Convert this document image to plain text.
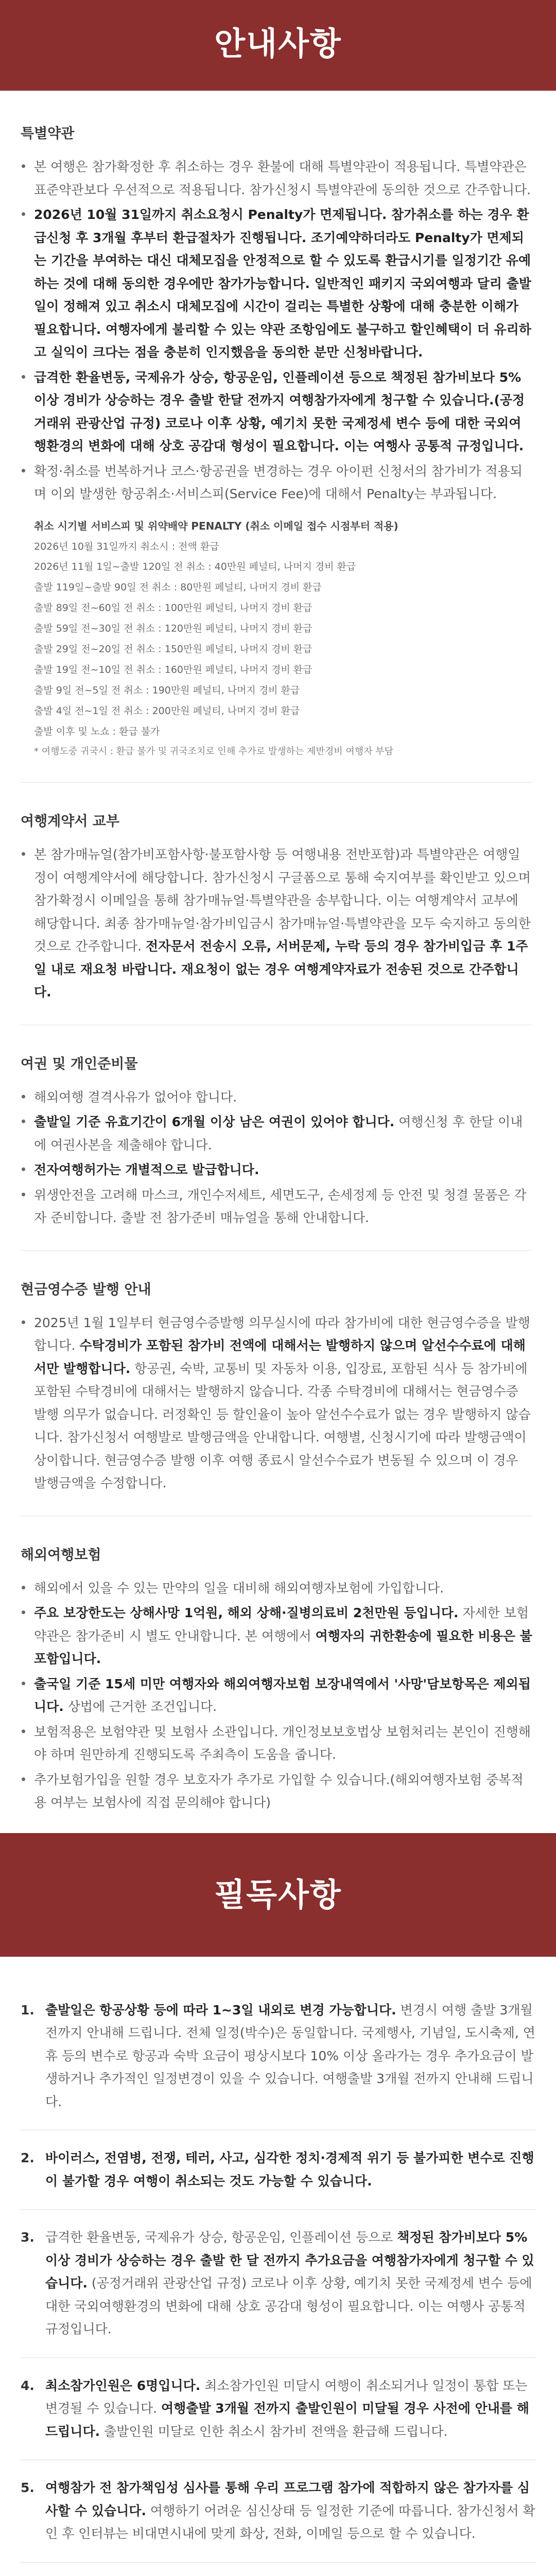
안내사항
특별약관
본 여행은 참가확정한 후 취소하는 경우 환불에 대해 특별약관이 적용됩니다. 특별약관은 표준약관보다 우선적으로 적용됩니다. 참가신청시 특별약관에 동의한 것으로 간주합니다.
2026년 10월 31일까지 취소요청시 Penalty가 면제됩니다. 참가취소를 하는 경우 환급신청 후 3개월 후부터 환급절차가 진행됩니다. 조기예약하더라도 Penalty가 면제되는 기간을 부여하는 대신 대체모집을 안정적으로 할 수 있도록 환급시기를 일정기간 유예하는 것에 대해 동의한 경우에만 참가가능합니다. 일반적인 패키지 국외여행과 달리 출발일이 정해져 있고 취소시 대체모집에 시간이 걸리는 특별한 상황에 대해 충분한 이해가 필요합니다. 여행자에게 불리할 수 있는 약관 조항임에도 불구하고 할인혜택이 더 유리하고 실익이 크다는 점을 충분히 인지했음을 동의한 분만 신청바랍니다.
급격한 환율변동, 국제유가 상승, 항공운임, 인플레이션 등으로 책정된 참가비보다 5% 이상 경비가 상승하는 경우 출발 한달 전까지 여행참가자에게 청구할 수 있습니다.(공정거래위 관광산업 규정) 코로나 이후 상황, 예기치 못한 국제정세 변수 등에 대한 국외여행환경의 변화에 대해 상호 공감대 형성이 필요합니다. 이는 여행사 공통적 규정입니다.
확정·취소를 번복하거나 코스·항공권을 변경하는 경우 아이펀 신청서의 참가비가 적용되며 이외 발생한 항공취소·서비스피(Service Fee)에 대해서 Penalty는 부과됩니다.
취소 시기별 서비스피 및 위약배약 PENALTY (취소 이메일 접수 시점부터 적용)
2026년 10월 31일까지 취소시 : 전액 환급
2026년 11월 1일~출발 120일 전 취소 : 40만원 페널티, 나머지 경비 환급
출발 119일~출발 90일 전 취소 : 80만원 페널티, 나머지 경비 환급
출발 89일 전~60일 전 취소 : 100만원 페널티, 나머지 경비 환급
출발 59일 전~30일 전 취소 : 120만원 페널티, 나머지 경비 환급
출발 29일 전~20일 전 취소 : 150만원 페널티, 나머지 경비 환급
출발 19일 전~10일 전 취소 : 160만원 페널티, 나머지 경비 환급
출발 9일 전~5일 전 취소 : 190만원 페널티, 나머지 경비 환급
출발 4일 전~1일 전 취소 : 200만원 페널티, 나머지 경비 환급
출발 이후 및 노쇼 : 환급 불가
* 여행도중 귀국시 : 환급 불가 및 귀국조치로 인해 추가로 발생하는 제반경비 여행자 부담
여행계약서 교부
본 참가매뉴얼(참가비포함사항·불포함사항 등 여행내용 전반포함)과 특별약관은 여행일정이 여행계약서에 해당합니다. 참가신청시 구글폼으로 통해 숙지여부를 확인받고 있으며 참가확정시 이메일을 통해 참가매뉴얼·특별약관을 송부합니다. 이는 여행계약서 교부에 해당합니다. 최종 참가매뉴얼·참가비입금시 참가매뉴얼·특별약관을 모두 숙지하고 동의한 것으로 간주합니다. 전자문서 전송시 오류, 서버문제, 누락 등의 경우 참가비입금 후 1주일 내로 재요청 바랍니다. 재요청이 없는 경우 여행계약자료가 전송된 것으로 간주합니다.
여권 및 개인준비물
해외여행 결격사유가 없어야 합니다.
출발일 기준 유효기간이 6개월 이상 남은 여권이 있어야 합니다. 여행신청 후 한달 이내에 여권사본을 제출해야 합니다.
전자여행허가는 개별적으로 발급합니다.
위생안전을 고려해 마스크, 개인수저세트, 세면도구, 손세정제 등 안전 및 청결 물품은 각자 준비합니다. 출발 전 참가준비 매뉴얼을 통해 안내합니다.
현금영수증 발행 안내
2025년 1월 1일부터 현금영수증발행 의무실시에 따라 참가비에 대한 현금영수증을 발행합니다. 수탁경비가 포함된 참가비 전액에 대해서는 발행하지 않으며 알선수수료에 대해서만 발행합니다. 항공권, 숙박, 교통비 및 자동차 이용, 입장료, 포함된 식사 등 참가비에 포함된 수탁경비에 대해서는 발행하지 않습니다. 각종 수탁경비에 대해서는 현금영수증 발행 의무가 없습니다. 러정확인 등 할인율이 높아 알선수수료가 없는 경우 발행하지 않습니다. 참가신청서 여행발로 발행금액을 안내합니다. 여행별, 신청시기에 따라 발행금액이 상이합니다. 현금영수증 발행 이후 여행 종료시 알선수수료가 변동될 수 있으며 이 경우 발행금액을 수정합니다.
해외여행보험
해외에서 있을 수 있는 만약의 일을 대비해 해외여행자보험에 가입합니다.
주요 보장한도는 상해사망 1억원, 해외 상해·질병의료비 2천만원 등입니다. 자세한 보험약관은 참가준비 시 별도 안내합니다. 본 여행에서 여행자의 귀한환송에 필요한 비용은 불포함입니다.
출국일 기준 15세 미만 여행자와 해외여행자보험 보장내역에서 '사망'담보항목은 제외됩니다. 상법에 근거한 조건입니다.
보험적용은 보험약관 및 보험사 소관입니다. 개인정보보호법상 보험처리는 본인이 진행해야 하며 원만하게 진행되도록 주최측이 도움을 줍니다.
추가보험가입을 원할 경우 보호자가 추가로 가입할 수 있습니다.(해외여행자보험 중복적용 여부는 보험사에 직접 문의해야 합니다)
필독사항
1. 출발일은 항공상황 등에 따라 1~3일 내외로 변경 가능합니다. 변경시 여행 출발 3개월 전까지 안내해 드립니다. 전체 일정(박수)은 동일합니다. 국제행사, 기념일, 도시축제, 연휴 등의 변수로 항공과 숙박 요금이 평상시보다 10% 이상 올라가는 경우 추가요금이 발생하거나 추가적인 일정변경이 있을 수 있습니다. 여행출발 3개월 전까지 안내해 드립니다.
2. 바이러스, 전염병, 전쟁, 테러, 사고, 심각한 정치·경제적 위기 등 불가피한 변수로 진행이 불가할 경우 여행이 취소되는 것도 가능할 수 있습니다.
3. 급격한 환율변동, 국제유가 상승, 항공운임, 인플레이션 등으로 책정된 참가비보다 5% 이상 경비가 상승하는 경우 출발 한 달 전까지 추가요금을 여행참가자에게 청구할 수 있습니다. (공정거래위 관광산업 규정) 코로나 이후 상황, 예기치 못한 국제정세 변수 등에 대한 국외여행환경의 변화에 대해 상호 공감대 형성이 필요합니다. 이는 여행사 공통적 규정입니다.
4. 최소참가인원은 6명입니다. 최소참가인원 미달시 여행이 취소되거나 일정이 통합 또는 변경될 수 있습니다. 여행출발 3개월 전까지 출발인원이 미달될 경우 사전에 안내를 해드립니다. 출발인원 미달로 인한 취소시 참가비 전액을 환급해 드립니다.
5. 여행참가 전 참가책임성 심사를 통해 우리 프로그램 참가에 적합하지 않은 참가자를 심사할 수 있습니다. 여행하기 어려운 심신상태 등 일정한 기준에 따릅니다. 참가신청서 확인 후 인터뷰는 비대면시내에 맞게 화상, 전화, 이메일 등으로 할 수 있습니다.
